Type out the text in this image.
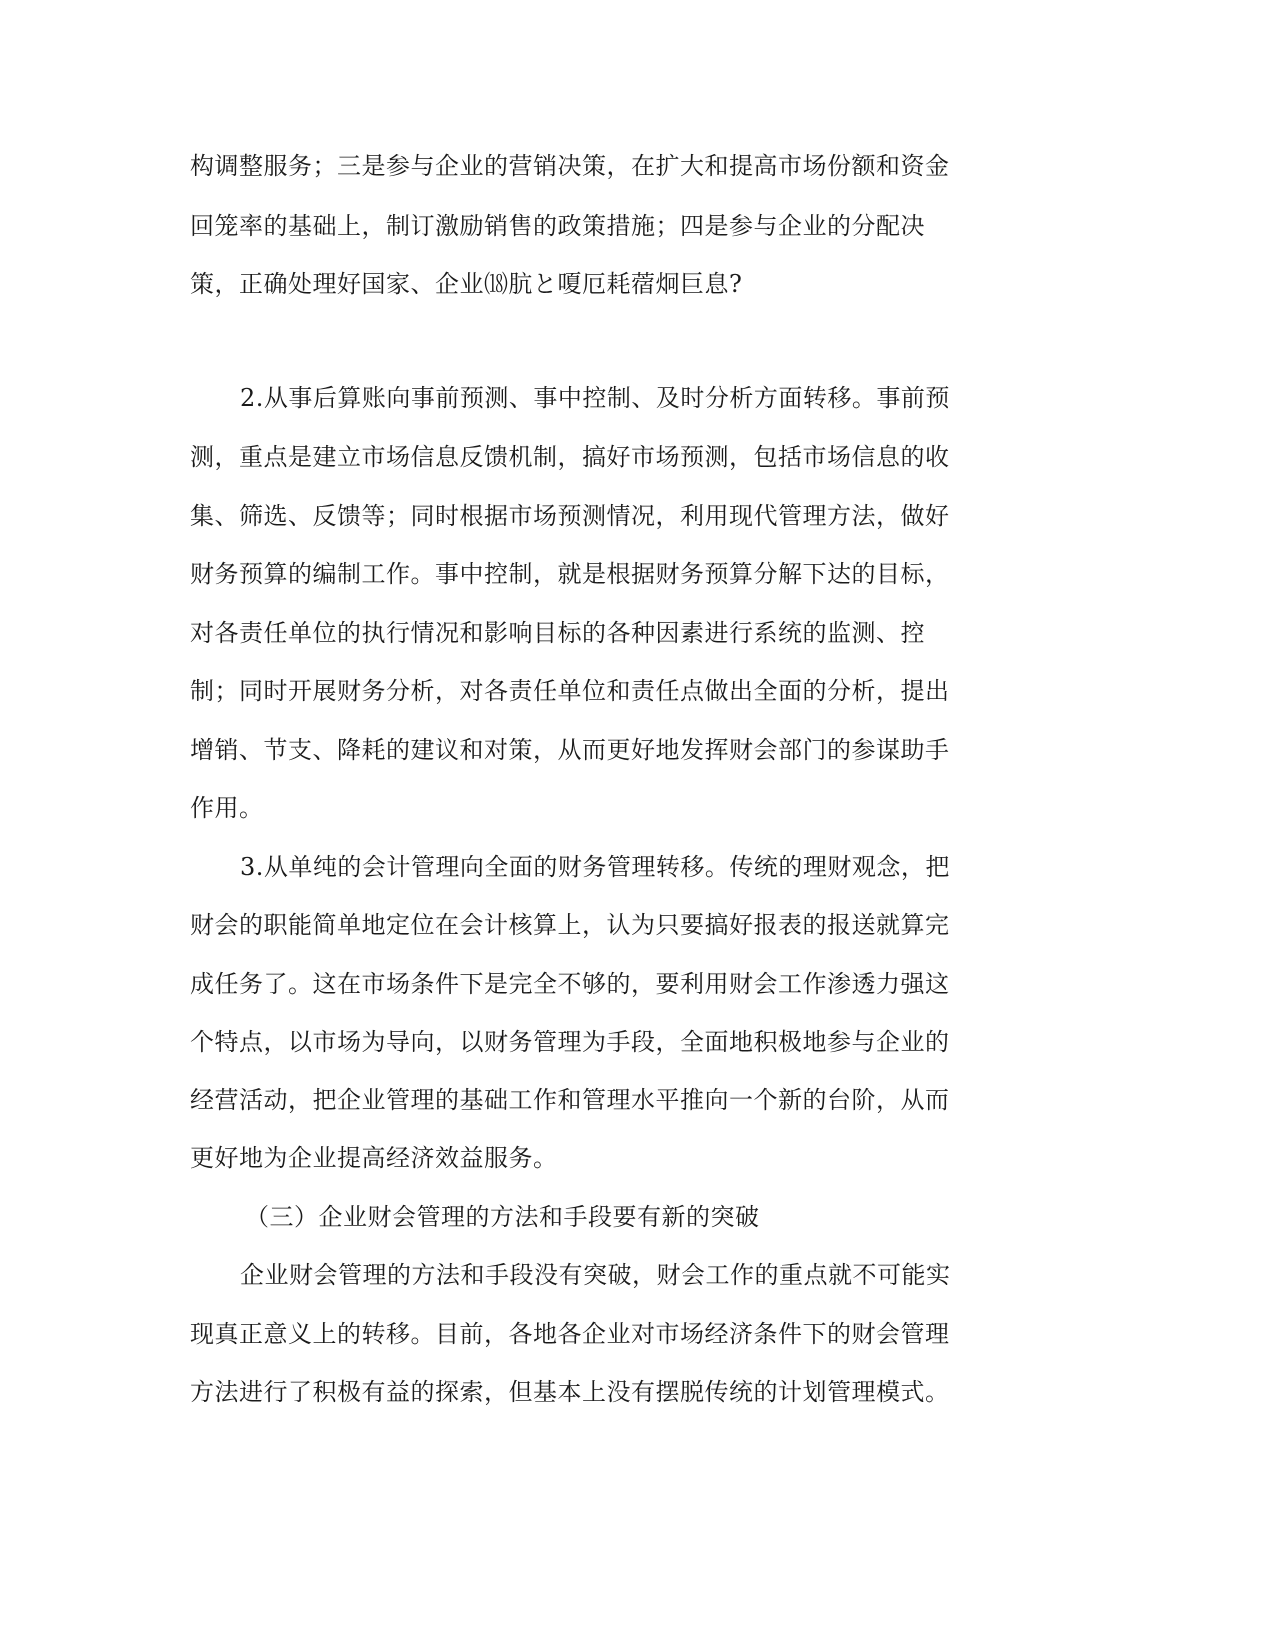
构调整服务；三是参与企业的营销决策，在扩大和提高市场份额和资金
回笼率的基础上，制订激励销售的政策措施；四是参与企业的分配决
策，正确处理好国家、企业⒅肮と嗄厄耗蓿炯巨息?
2.从事后算账向事前预测、事中控制、及时分析方面转移。事前预
测，重点是建立市场信息反馈机制，搞好市场预测，包括市场信息的收
集、筛选、反馈等；同时根据市场预测情况，利用现代管理方法，做好
财务预算的编制工作。事中控制，就是根据财务预算分解下达的目标，
对各责任单位的执行情况和影响目标的各种因素进行系统的监测、控
制；同时开展财务分析，对各责任单位和责任点做出全面的分析，提出
增销、节支、降耗的建议和对策，从而更好地发挥财会部门的参谋助手
作用。
3.从单纯的会计管理向全面的财务管理转移。传统的理财观念，把
财会的职能简单地定位在会计核算上，认为只要搞好报表的报送就算完
成任务了。这在市场条件下是完全不够的，要利用财会工作渗透力强这
个特点，以市场为导向，以财务管理为手段，全面地积极地参与企业的
经营活动，把企业管理的基础工作和管理水平推向一个新的台阶，从而
更好地为企业提高经济效益服务。
（三）企业财会管理的方法和手段要有新的突破
企业财会管理的方法和手段没有突破，财会工作的重点就不可能实
现真正意义上的转移。目前，各地各企业对市场经济条件下的财会管理
方法进行了积极有益的探索，但基本上没有摆脱传统的计划管理模式。
